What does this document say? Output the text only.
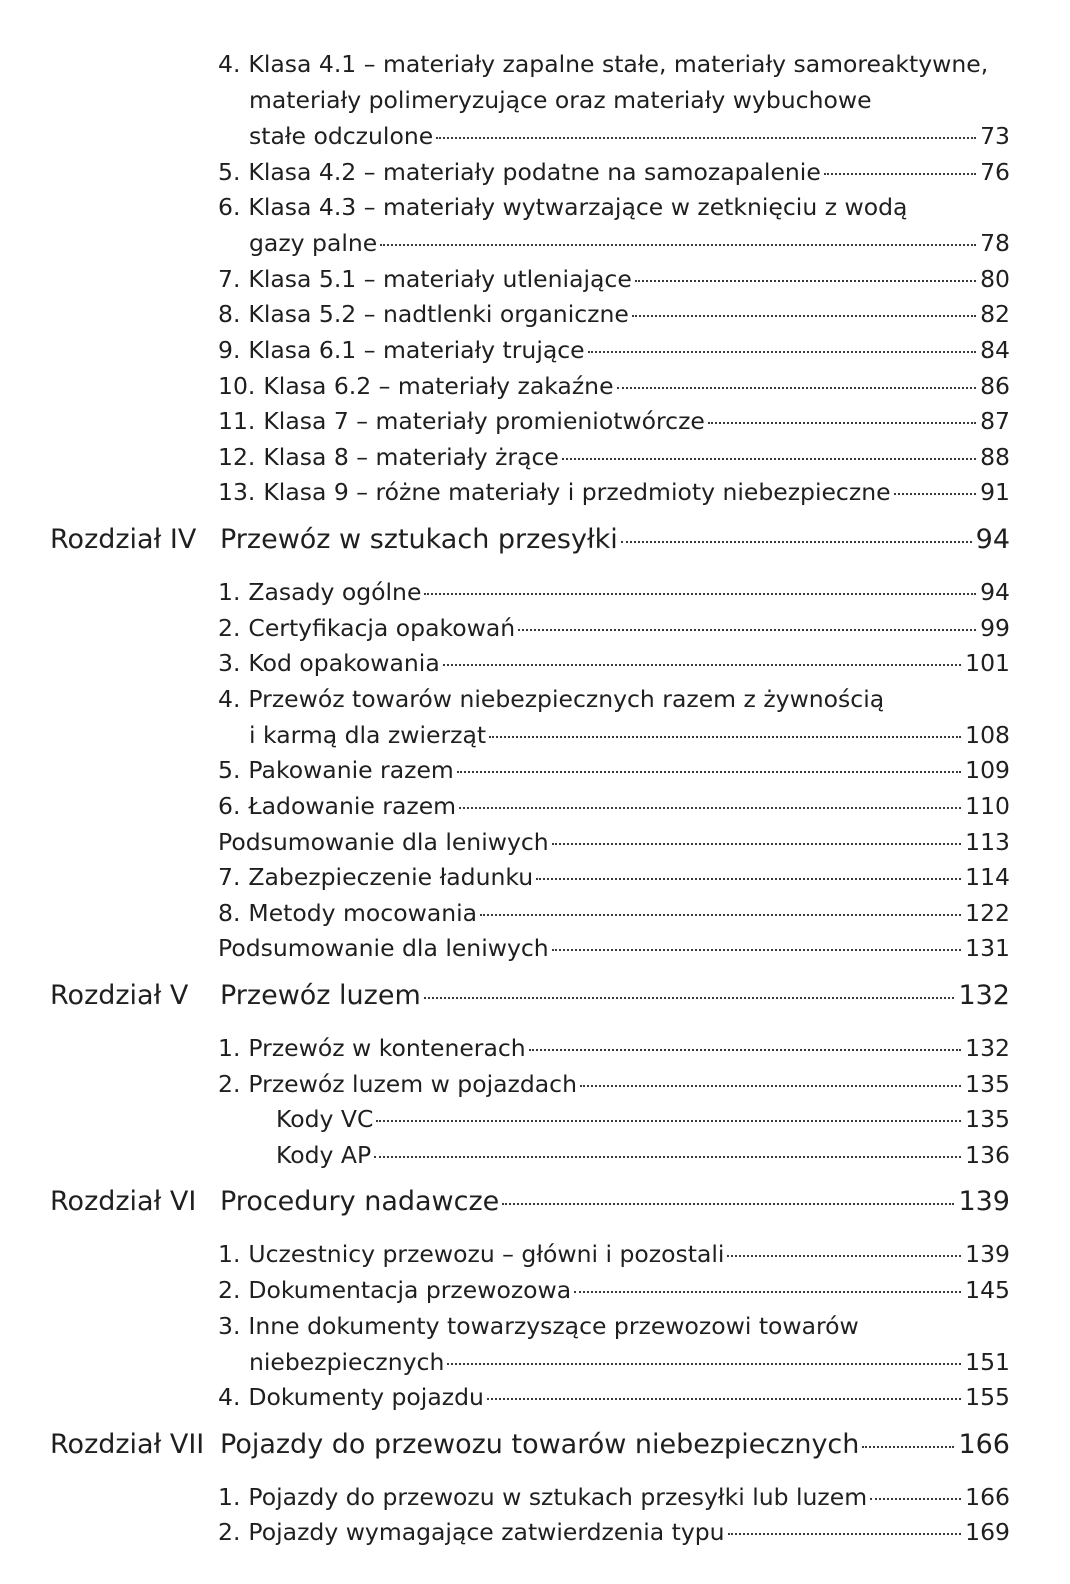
4. Klasa 4.1 – materiały zapalne stałe, materiały samoreaktywne,
materiały polimeryzujące oraz materiały wybuchowe
stałe odczulone	73
5. Klasa 4.2 – materiały podatne na samozapalenie	76
6. Klasa 4.3 – materiały wytwarzające w zetknięciu z wodą
gazy palne	78
7. Klasa 5.1 – materiały utleniające	80
8. Klasa 5.2 – nadtlenki organiczne	82
9. Klasa 6.1 – materiały trujące	84
10. Klasa 6.2 – materiały zakaźne	86
11. Klasa 7 – materiały promieniotwórcze	87
12. Klasa 8 – materiały żrące	88
13. Klasa 9 – różne materiały i przedmioty niebezpieczne	91
Rozdział IV Przewóz w sztukach przesyłki	94
1. Zasady ogólne	94
2. Certyfikacja opakowań	99
3. Kod opakowania	101
4. Przewóz towarów niebezpiecznych razem z żywnością
i karmą dla zwierząt	108
5. Pakowanie razem	109
6. Ładowanie razem	110
Podsumowanie dla leniwych	113
7. Zabezpieczenie ładunku	114
8. Metody mocowania	122
Podsumowanie dla leniwych	131
Rozdział V	Przewóz luzem	132
1. Przewóz w kontenerach	132
2. Przewóz luzem w pojazdach	135
Kody VC	135
Kody AP	136
Rozdział VI Procedury nadawcze	139
1. Uczestnicy przewozu – główni i pozostali	139
2. Dokumentacja przewozowa	145
3. Inne dokumenty towarzyszące przewozowi towarów
niebezpiecznych	151
4. Dokumenty pojazdu	155
Rozdział VII Pojazdy do przewozu towarów niebezpiecznych	166
1. Pojazdy do przewozu w sztukach przesyłki lub luzem	166
2. Pojazdy wymagające zatwierdzenia typu	169
